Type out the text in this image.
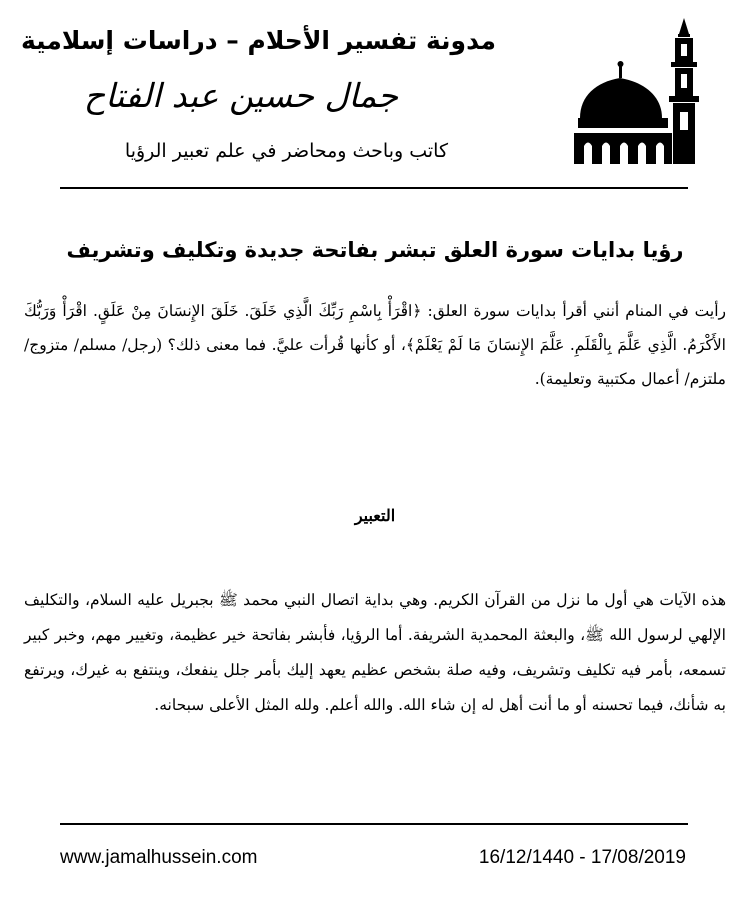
مدونة تفسير الأحلام – دراسات إسلامية
جمال حسين عبد الفتاح
كاتب وباحث ومحاضر في علم تعبير الرؤيا
رؤيا بدايات سورة العلق تبشر بفاتحة جديدة وتكليف وتشريف
رأيت في المنام أنني أقرأ بدايات سورة العلق: ﴿اقْرَأْ بِاسْمِ رَبِّكَ الَّذِي خَلَقَ. خَلَقَ الإِنسَانَ مِنْ عَلَقٍ. اقْرَأْ وَرَبُّكَ الأَكْرَمُ. الَّذِي عَلَّمَ بِالْقَلَمِ. عَلَّمَ الإِنسَانَ مَا لَمْ يَعْلَمْ﴾، أو كأنها قُرأت عليَّ. فما معنى ذلك؟ (رجل/ مسلم/ متزوج/ ملتزم/ أعمال مكتبية وتعليمة).
التعبير
هذه الآيات هي أول ما نزل من القرآن الكريم. وهي بداية اتصال النبي محمد ﷺ بجبريل عليه السلام، والتكليف الإلهي لرسول الله ﷺ، والبعثة المحمدية الشريفة. أما الرؤيا، فأبشر بفاتحة خير عظيمة، وتغيير مهم، وخبر كبير تسمعه، بأمر فيه تكليف وتشريف، وفيه صلة بشخص عظيم يعهد إليك بأمر جلل ينفعك، وينتفع به غيرك، ويرتفع به شأنك، فيما تحسنه أو ما أنت أهل له إن شاء الله. والله أعلم. ولله المثل الأعلى سبحانه.
www.jamalhussein.com	16/12/1440 - 17/08/2019
